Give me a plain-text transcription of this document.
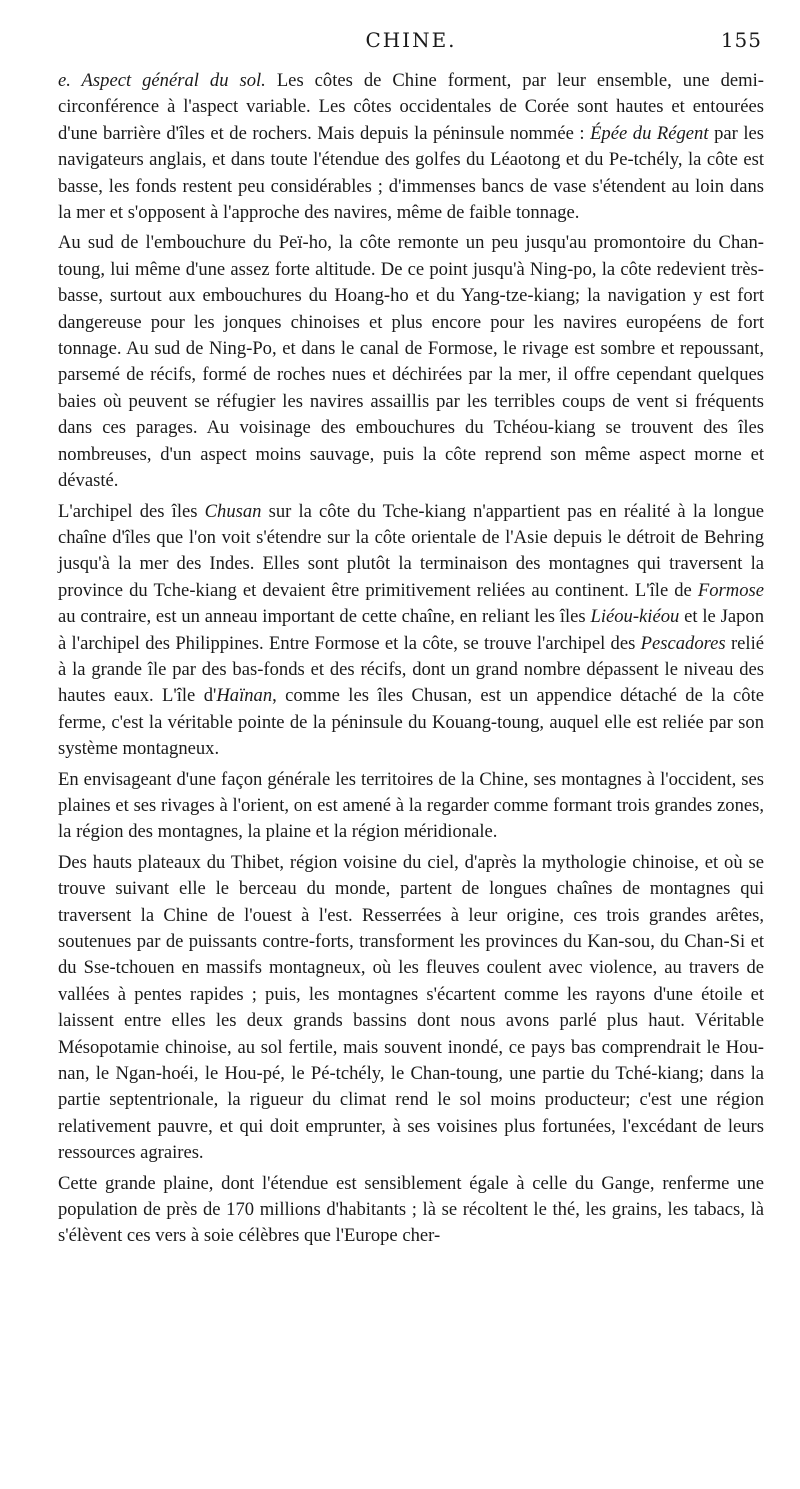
CHINE.	155

e. Aspect général du sol. Les côtes de Chine forment, par leur ensemble, une demi-circonférence à l'aspect variable. Les côtes occidentales de Corée sont hautes et entourées d'une barrière d'îles et de rochers. Mais depuis la péninsule nommée : Épée du Régent par les navigateurs anglais, et dans toute l'étendue des golfes du Léaotong et du Pe-tchély, la côte est basse, les fonds restent peu considérables ; d'immenses bancs de vase s'étendent au loin dans la mer et s'opposent à l'approche des navires, même de faible tonnage.

Au sud de l'embouchure du Peï-ho, la côte remonte un peu jusqu'au promontoire du Chan-toung, lui même d'une assez forte altitude. De ce point jusqu'à Ning-po, la côte redevient très-basse, surtout aux embouchures du Hoang-ho et du Yang-tze-kiang; la navigation y est fort dangereuse pour les jonques chinoises et plus encore pour les navires européens de fort tonnage. Au sud de Ning-Po, et dans le canal de Formose, le rivage est sombre et repoussant, parsemé de récifs, formé de roches nues et déchirées par la mer, il offre cependant quelques baies où peuvent se réfugier les navires assaillis par les terribles coups de vent si fréquents dans ces parages. Au voisinage des embouchures du Tchéou-kiang se trouvent des îles nombreuses, d'un aspect moins sauvage, puis la côte reprend son même aspect morne et dévasté.

L'archipel des îles Chusan sur la côte du Tche-kiang n'appartient pas en réalité à la longue chaîne d'îles que l'on voit s'étendre sur la côte orientale de l'Asie depuis le détroit de Behring jusqu'à la mer des Indes. Elles sont plutôt la terminaison des montagnes qui traversent la province du Tche-kiang et devaient être primitivement reliées au continent. L'île de Formose au contraire, est un anneau important de cette chaîne, en reliant les îles Liéou-kiéou et le Japon à l'archipel des Philippines. Entre Formose et la côte, se trouve l'archipel des Pescadores relié à la grande île par des bas-fonds et des récifs, dont un grand nombre dépassent le niveau des hautes eaux. L'île d'Haïnan, comme les îles Chusan, est un appendice détaché de la côte ferme, c'est la véritable pointe de la péninsule du Kouang-toung, auquel elle est reliée par son système montagneux.

En envisageant d'une façon générale les territoires de la Chine, ses montagnes à l'occident, ses plaines et ses rivages à l'orient, on est amené à la regarder comme formant trois grandes zones, la région des montagnes, la plaine et la région méridionale.

Des hauts plateaux du Thibet, région voisine du ciel, d'après la mythologie chinoise, et où se trouve suivant elle le berceau du monde, partent de longues chaînes de montagnes qui traversent la Chine de l'ouest à l'est. Resserrées à leur origine, ces trois grandes arêtes, soutenues par de puissants contre-forts, transforment les provinces du Kan-sou, du Chan-Si et du Sse-tchouen en massifs montagneux, où les fleuves coulent avec violence, au travers de vallées à pentes rapides ; puis, les montagnes s'écartent comme les rayons d'une étoile et laissent entre elles les deux grands bassins dont nous avons parlé plus haut. Véritable Mésopotamie chinoise, au sol fertile, mais souvent inondé, ce pays bas comprendrait le Hou-nan, le Ngan-hoéi, le Hou-pé, le Pé-tchély, le Chan-toung, une partie du Tché-kiang; dans la partie septentrionale, la rigueur du climat rend le sol moins producteur; c'est une région relativement pauvre, et qui doit emprunter, à ses voisines plus fortunées, l'excédant de leurs ressources agraires.

Cette grande plaine, dont l'étendue est sensiblement égale à celle du Gange, renferme une population de près de 170 millions d'habitants ; là se récoltent le thé, les grains, les tabacs, là s'élèvent ces vers à soie célèbres que l'Europe cher-
